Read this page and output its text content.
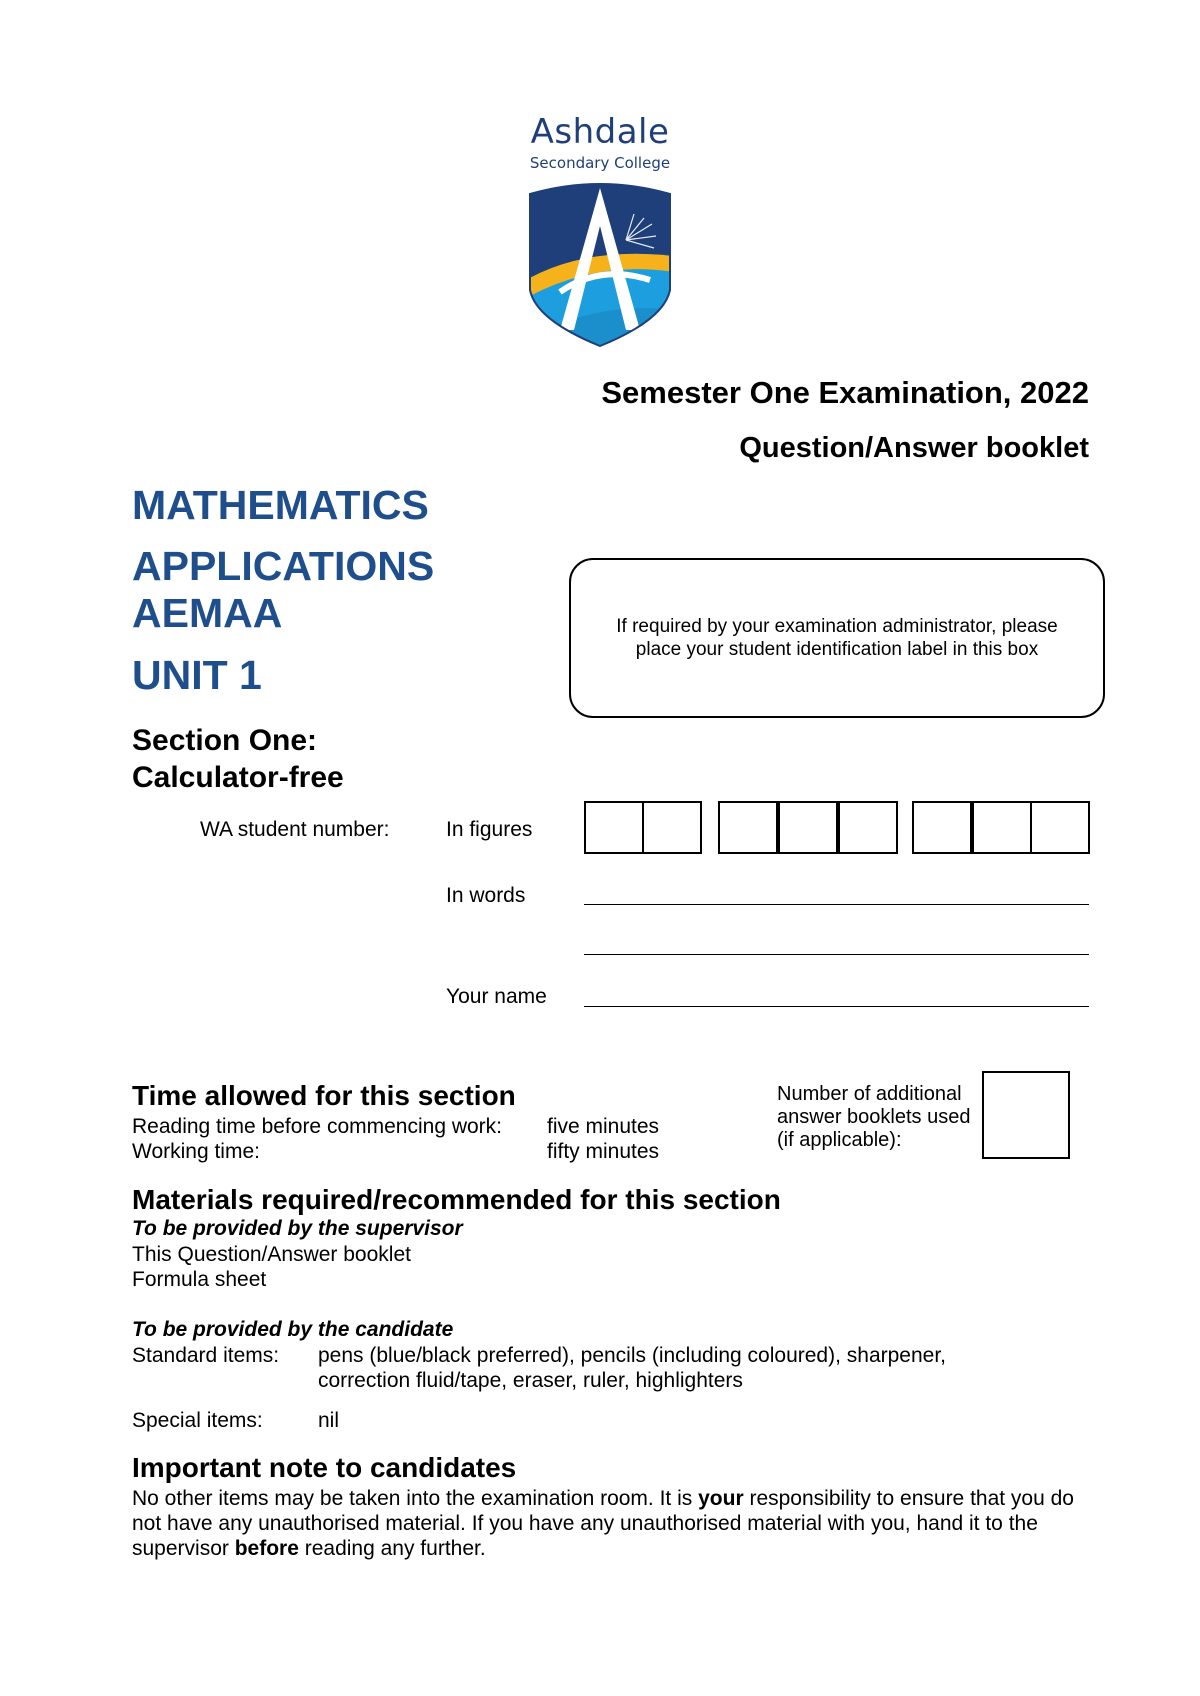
Ashdale
Secondary College
Semester One Examination, 2022
Question/Answer booklet
MATHEMATICS
APPLICATIONS
AEMAA
UNIT 1
Section One:
Calculator-free
If required by your examination administrator, please place your student identification label in this box
WA student number:	In figures
In words
Your name
Time allowed for this section
Reading time before commencing work: five minutes
Working time:	fifty minutes
Number of additional
answer booklets used
(if applicable):
Materials required/recommended for this section
To be provided by the supervisor
This Question/Answer booklet
Formula sheet
To be provided by the candidate
Standard items: pens (blue/black preferred), pencils (including coloured), sharpener,
correction fluid/tape, eraser, ruler, highlighters
Special items:	nil
Important note to candidates
No other items may be taken into the examination room. It is your responsibility to ensure that you do not have any unauthorised material. If you have any unauthorised material with you, hand it to the supervisor before reading any further.
